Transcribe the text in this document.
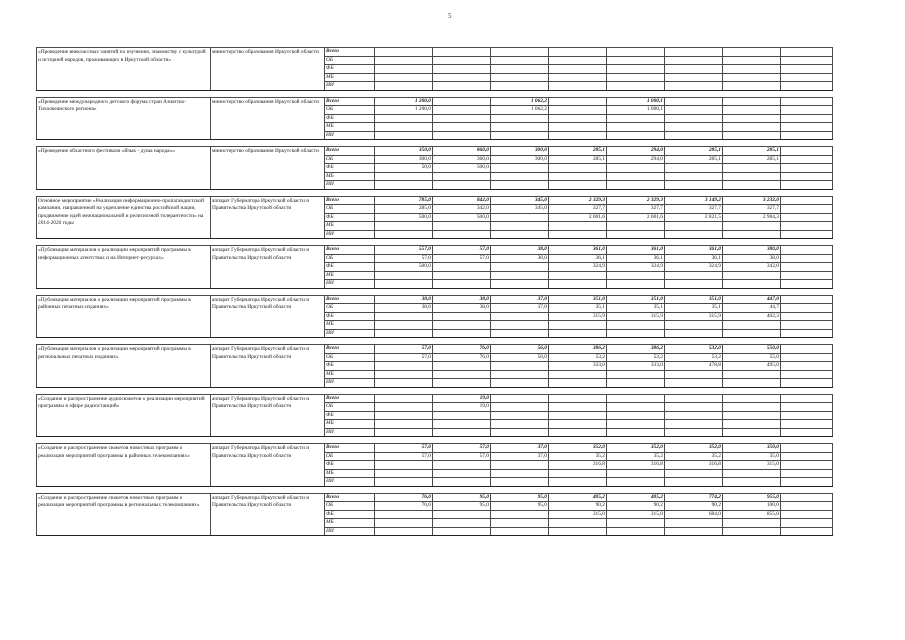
5
«Проведение внеклассных занятий по изучению, знакомству с культурой и историей народов, проживающих в Иркутской области»	министерство образования Иркутской области	Всего								
		ОБ								
		ФБ								
		МБ								
		ИИ								

«Проведение международного детского форума стран Азиатско-Тихоокеанского региона»	министерство образования Иркутской области	Всего	1 200,0		1 062,2		1 000,1			
		ОБ	1 200,0		1 062,2		1 000,1			
		ФБ								
		МБ								
		ИИ								

«Проведение областного фестиваля «Язык - душа народа»»	министерство образования Иркутской области	Всего	350,0	860,0	300,0	285,1	294,0	285,1	285,1	
		ОБ	300,0	360,0	300,0	285,1	294,0	285,1	285,1	
		ФБ	50,0	500,0						
		МБ								
		ИИ								

Основное мероприятие «Реализация информационно-пропагандистской кампании, направленной на укрепление единства российской нации, продвижение идей межнациональной и религиозной толерантности» на 2014-2020 годы	аппарат Губернатора Иркутской области и Правительства Иркутской области	Всего	785,0	842,0	345,0	2 329,3	2 329,3	3 149,2	3 232,0	
		ОБ	285,0	342,0	345,0	327,7	327,7	327,7	327,7	
		ФБ	500,0	500,0		2 001,6	2 001,6	2 821,5	2 904,3	
		МБ								
		ИИ								

«Публикация материалов о реализации мероприятий программы в информационных агентствах и на Интернет-ресурсах»	аппарат Губернатора Иркутской области и Правительства Иркутской области	Всего	557,0	57,0	38,0	361,0	361,0	361,0	380,0	
		ОБ	57,0	57,0	38,0	36,1	36,1	36,1	38,0	
		ФБ	500,0			324,9	324,9	324,9	342,0	
		МБ								
		ИИ								

«Публикация материалов о реализации мероприятий программы в районных печатных изданиях»	аппарат Губернатора Иркутской области и Правительства Иркутской области	Всего	38,0	38,0	37,0	351,0	351,0	351,0	447,0	
		ОБ	38,0	38,0	37,0	35,1	35,1	35,1	44,7	
		ФБ				315,9	315,9	315,9	402,3	
		МБ								
		ИИ								

«Публикация материалов о реализации мероприятий программы в региональных печатных изданиях»	аппарат Губернатора Иркутской области и Правительства Иркутской области	Всего	57,0	76,0	56,0	386,2	386,2	532,0	550,0	
		ОБ	57,0	76,0	56,0	53,2	53,2	53,2	55,0	
		ФБ				333,0	333,0	478,8	495,0	
		МБ								
		ИИ								

«Создание и распространение аудиосюжетов о реализации мероприятий программы в эфире радиостанций»	аппарат Губернатора Иркутской области и Правительства Иркутской области	Всего		19,0						
		ОБ		19,0						
		ФБ								
		МБ								
		ИИ								

«Создание и распространение сюжетов новостных программ о реализации мероприятий программы в районных телекомпаниях»	аппарат Губернатора Иркутской области и Правительства Иркутской области	Всего	57,0	57,0	37,0	352,0	352,0	352,0	350,0	
		ОБ	57,0	57,0	37,0	35,2	35,2	35,2	35,0	
		ФБ				316,8	316,8	316,8	315,0	
		МБ								
		ИИ								

«Создание и распространение сюжетов новостных программ о реализации мероприятий программы в региональных телекомпаниях»	аппарат Губернатора Иркутской области и Правительства Иркутской области	Всего	76,0	95,0	95,0	405,2	405,2	774,2	955,0	
		ОБ	76,0	95,0	95,0	90,2	90,2	90,2	100,0	
		ФБ				315,0	315,0	684,0	855,0	
		МБ								
		ИИ								
